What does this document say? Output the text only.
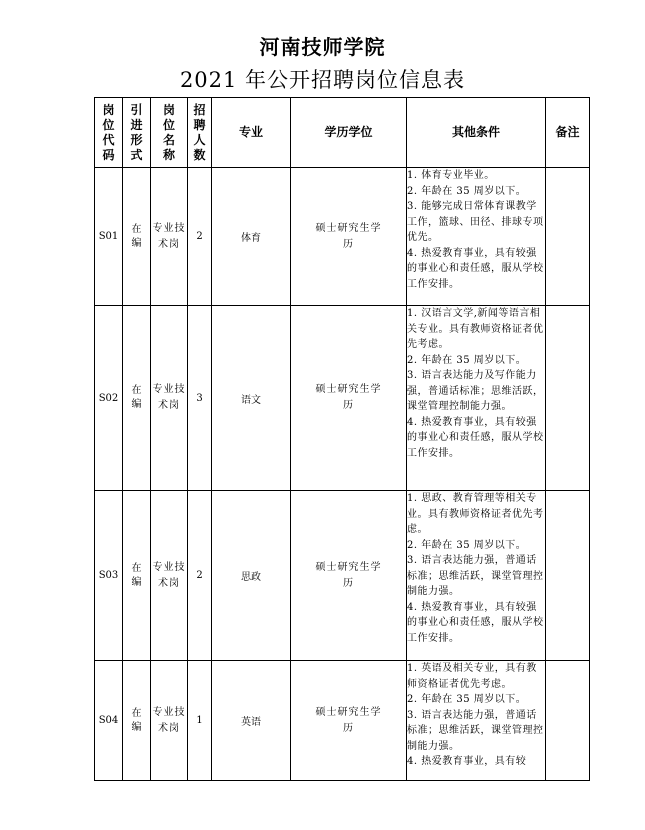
河南技师学院
2021 年公开招聘岗位信息表
岗位代码	引进形式	岗位名称	招聘人数	专业	学历学位	其他条件	备注
S01	在编	专业技术岗	2	体育	硕士研究生学历	1. 体育专业毕业。
2. 年龄在 35 周岁以下。
3. 能够完成日常体育课教学工作，篮球、田径、排球专项优先。
4. 热爱教育事业，具有较强的事业心和责任感，服从学校工作安排。	

S02	在编	专业技术岗	3	语文	硕士研究生学历	1. 汉语言文学,新闻等语言相关专业。具有教师资格证者优先考虑。
2. 年龄在 35 周岁以下。
3. 语言表达能力及写作能力强，普通话标准；思维活跃，课堂管理控制能力强。
4. 热爱教育事业，具有较强的事业心和责任感，服从学校工作安排。	

S03	在编	专业技术岗	2	思政	硕士研究生学历	1. 思政、教育管理等相关专业。具有教师资格证者优先考虑。
2. 年龄在 35 周岁以下。
3. 语言表达能力强，普通话标准；思维活跃，课堂管理控制能力强。
4. 热爱教育事业，具有较强的事业心和责任感，服从学校工作安排。	

S04	在编	专业技术岗	1	英语	硕士研究生学历	1. 英语及相关专业，具有教师资格证者优先考虑。
2. 年龄在 35 周岁以下。
3. 语言表达能力强，普通话标准；思维活跃，课堂管理控制能力强。
4. 热爱教育事业，具有较	
